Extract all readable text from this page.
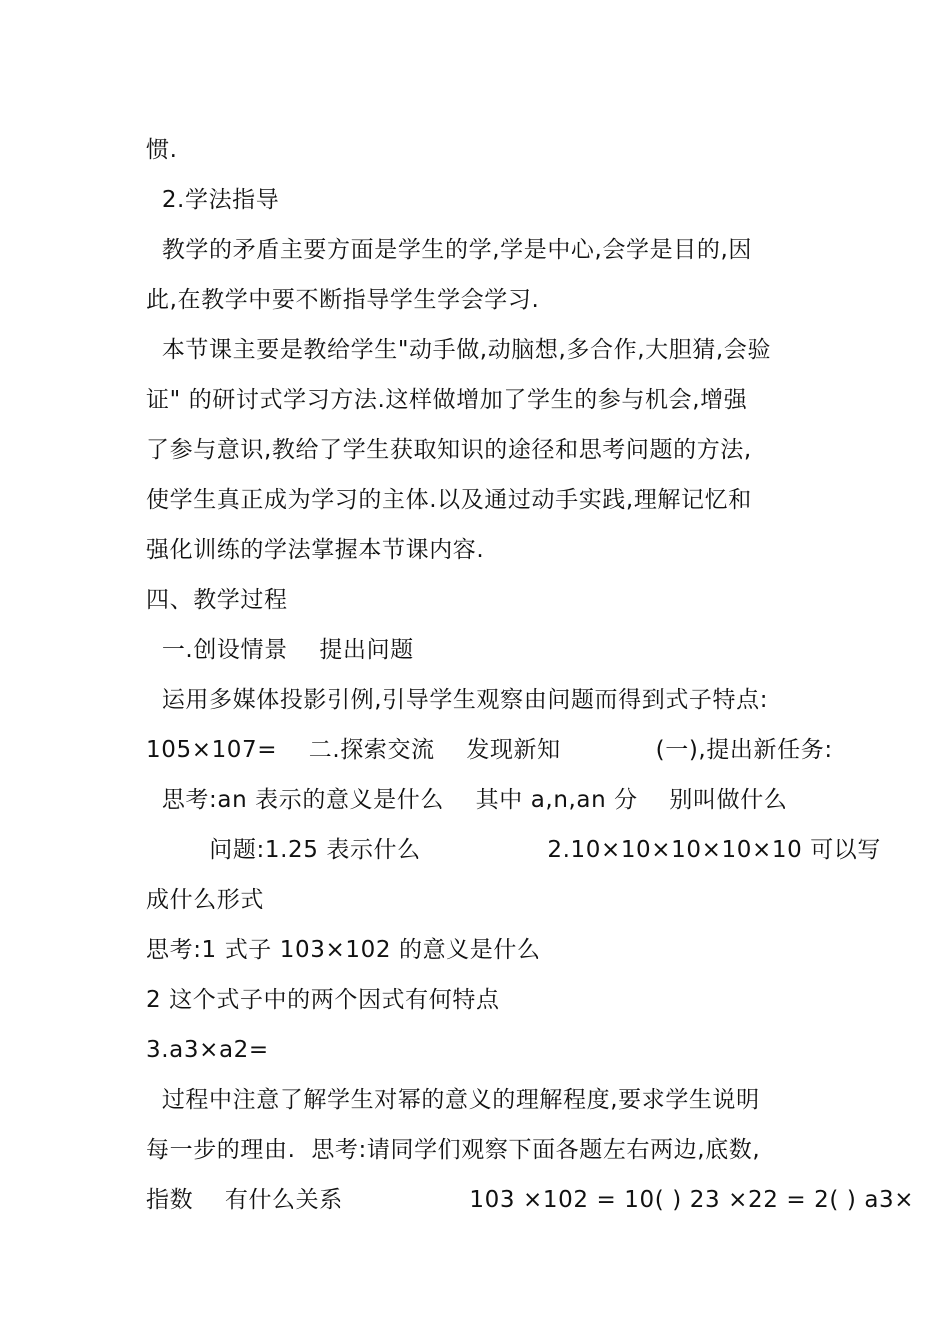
惯.
2.学法指导
教学的矛盾主要方面是学生的学,学是中心,会学是目的,因
此,在教学中要不断指导学生学会学习.
本节课主要是教给学生"动手做,动脑想,多合作,大胆猜,会验
证" 的研讨式学习方法.这样做增加了学生的参与机会,增强
了参与意识,教给了学生获取知识的途径和思考问题的方法,
使学生真正成为学习的主体.以及通过动手实践,理解记忆和
强化训练的学法掌握本节课内容.
四、教学过程
一.创设情景    提出问题
运用多媒体投影引例,引导学生观察由问题而得到式子特点:
105×107=    二.探索交流    发现新知            (一),提出新任务:
思考:an 表示的意义是什么    其中 a,n,an 分    别叫做什么
问题:1.25 表示什么                2.10×10×10×10×10 可以写
成什么形式
思考:1 式子 103×102 的意义是什么
2 这个式子中的两个因式有何特点
3.a3×a2=
过程中注意了解学生对幂的意义的理解程度,要求学生说明
每一步的理由.  思考:请同学们观察下面各题左右两边,底数,
指数    有什么关系                103 ×102 = 10( ) 23 ×22 = 2( ) a3×
